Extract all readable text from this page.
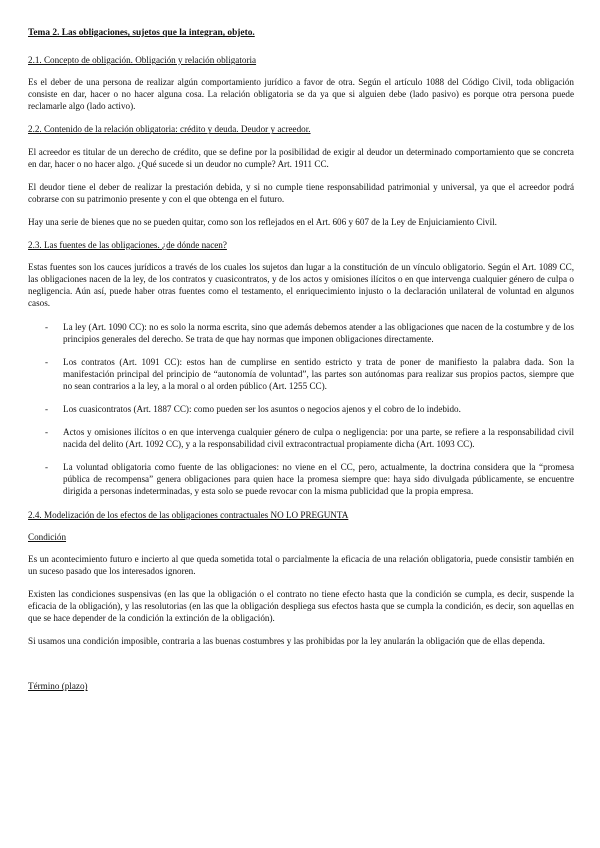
Tema 2. Las obligaciones, sujetos que la integran, objeto.
2.1. Concepto de obligación. Obligación y relación obligatoria

Es el deber de una persona de realizar algún comportamiento jurídico a favor de otra. Según el artículo 1088 del Código Civil, toda obligación consiste en dar, hacer o no hacer alguna cosa. La relación obligatoria se da ya que si alguien debe (lado pasivo) es porque otra persona puede reclamarle algo (lado activo).

2.2. Contenido de la relación obligatoria: crédito y deuda. Deudor y acreedor.

El acreedor es titular de un derecho de crédito, que se define por la posibilidad de exigir al deudor un determinado comportamiento que se concreta en dar, hacer o no hacer algo. ¿Qué sucede si un deudor no cumple? Art. 1911 CC.

El deudor tiene el deber de realizar la prestación debida, y si no cumple tiene responsabilidad patrimonial y universal, ya que el acreedor podrá cobrarse con su patrimonio presente y con el que obtenga en el futuro.

Hay una serie de bienes que no se pueden quitar, como son los reflejados en el Art. 606 y 607 de la Ley de Enjuiciamiento Civil.

2.3. Las fuentes de las obligaciones. ¿de dónde nacen?

Estas fuentes son los cauces jurídicos a través de los cuales los sujetos dan lugar a la constitución de un vínculo obligatorio. Según el Art. 1089 CC, las obligaciones nacen de la ley, de los contratos y cuasicontratos, y de los actos y omisiones ilícitos o en que intervenga cualquier género de culpa o negligencia. Aún así, puede haber otras fuentes como el testamento, el enriquecimiento injusto o la declaración unilateral de voluntad en algunos casos.

- La ley (Art. 1090 CC): no es solo la norma escrita, sino que además debemos atender a las obligaciones que nacen de la costumbre y de los principios generales del derecho. Se trata de que hay normas que imponen obligaciones directamente.
- Los contratos (Art. 1091 CC): estos han de cumplirse en sentido estricto y trata de poner de manifiesto la palabra dada. Son la manifestación principal del principio de “autonomía de voluntad”, las partes son autónomas para realizar sus propios pactos, siempre que no sean contrarios a la ley, a la moral o al orden público (Art. 1255 CC).
- Los cuasicontratos (Art. 1887 CC): como pueden ser los asuntos o negocios ajenos y el cobro de lo indebido.
- Actos y omisiones ilícitos o en que intervenga cualquier género de culpa o negligencia: por una parte, se refiere a la responsabilidad civil nacida del delito (Art. 1092 CC), y a la responsabilidad civil extracontractual propiamente dicha (Art. 1093 CC).
- La voluntad obligatoria como fuente de las obligaciones: no viene en el CC, pero, actualmente, la doctrina considera que la “promesa pública de recompensa” genera obligaciones para quien hace la promesa siempre que: haya sido divulgada públicamente, se encuentre dirigida a personas indeterminadas, y esta solo se puede revocar con la misma publicidad que la propia empresa.
2.4. Modelización de los efectos de las obligaciones contractuales NO LO PREGUNTA
Condición

Es un acontecimiento futuro e incierto al que queda sometida total o parcialmente la eficacia de una relación obligatoria, puede consistir también en un suceso pasado que los interesados ignoren.

Existen las condiciones suspensivas (en las que la obligación o el contrato no tiene efecto hasta que la condición se cumpla, es decir, suspende la eficacia de la obligación), y las resolutorias (en las que la obligación despliega sus efectos hasta que se cumpla la condición, es decir, son aquellas en que se hace depender de la condición la extinción de la obligación).

Si usamos una condición imposible, contraria a las buenas costumbres y las prohibidas por la ley anularán la obligación que de ellas dependa.

Término (plazo)
